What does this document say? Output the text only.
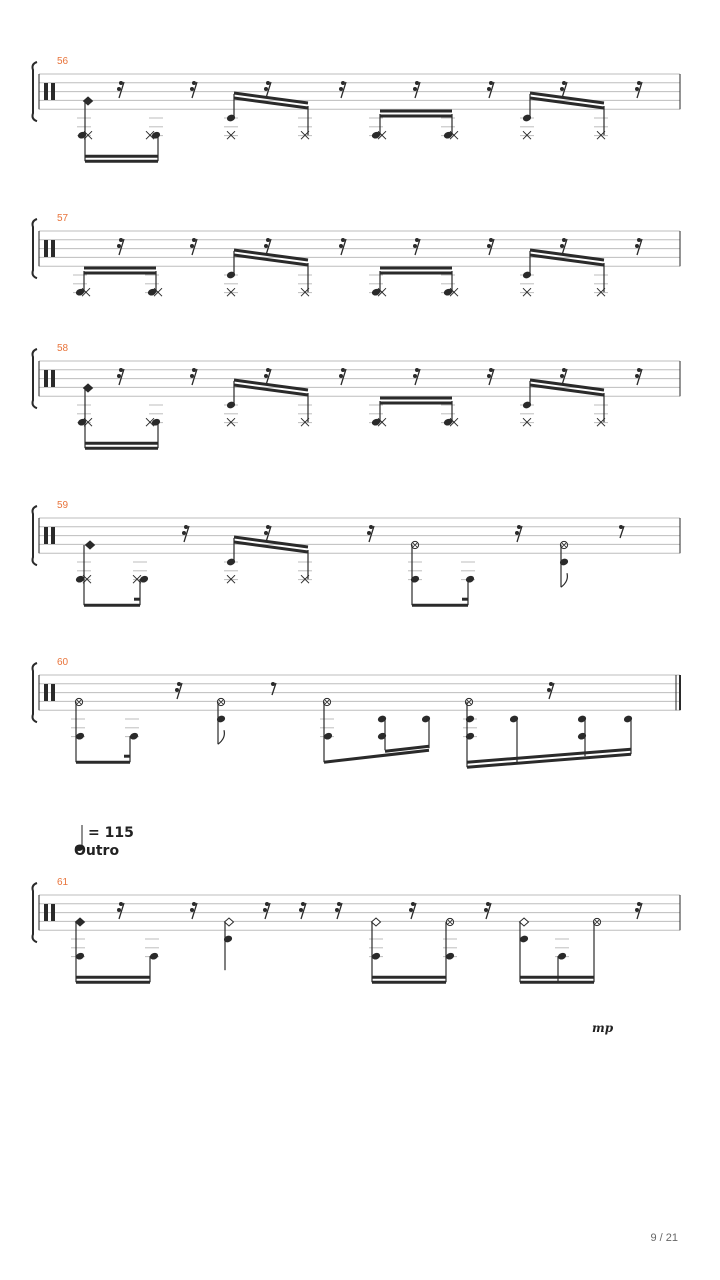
56
57
58
59
60
61
= 115
Outro
mp
9 / 21
